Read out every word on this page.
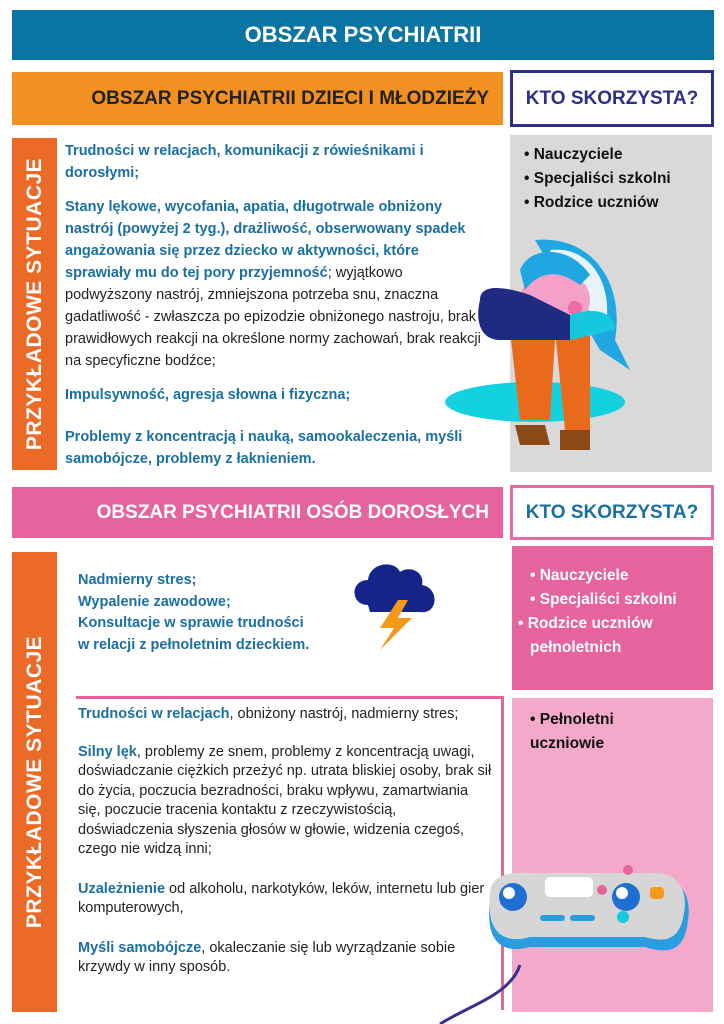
OBSZAR PSYCHIATRII
OBSZAR PSYCHIATRII DZIECI I MŁODZIEŻY	KTO SKORZYSTA?
PRZYKŁADOWE SYTUACJE

Trudności w relacjach, komunikacji z rówieśnikami i dorosłymi;

Stany lękowe, wycofania, apatia, długotrwale obniżony nastrój (powyżej 2 tyg.), drażliwość, obserwowany spadek angażowania się przez dziecko w aktywności, które sprawiały mu do tej pory przyjemność; wyjątkowo podwyższony nastrój, zmniejszona potrzeba snu, znaczna gadatliwość - zwłaszcza po epizodzie obniżonego nastroju, brak prawidłowych reakcji na określone normy zachowań, brak reakcji na specyficzne bodźce;

Impulsywność, agresja słowna i fizyczna;

Problemy z koncentracją i nauką, samookaleczenia, myśli samobójcze, problemy z łaknieniem.

• Nauczyciele
• Specjaliści szkolni
• Rodzice uczniów
OBSZAR PSYCHIATRII OSÓB DOROSŁYCH	KTO SKORZYSTA?
PRZYKŁADOWE SYTUACJE
Nadmierny stres;
Wypalenie zawodowe;
Konsultacje w sprawie trudności
w relacji z pełnoletnim dzieckiem.
• Nauczyciele
• Specjaliści szkolni
• Rodzice uczniów pełnoletnich

Trudności w relacjach, obniżony nastrój, nadmierny stres;

Silny lęk, problemy ze snem, problemy z koncentracją uwagi, doświadczanie ciężkich przeżyć np. utrata bliskiej osoby, brak sił do życia, poczucia bezradności, braku wpływu, zamartwiania się, poczucie tracenia kontaktu z rzeczywistością, doświadczenia słyszenia głosów w głowie, widzenia czegoś, czego nie widzą inni;

Uzależnienie od alkoholu, narkotyków, leków, internetu lub gier komputerowych,

Myśli samobójcze, okaleczanie się lub wyrządzanie sobie krzywdy w inny sposób.

• Pełnoletni uczniowie
